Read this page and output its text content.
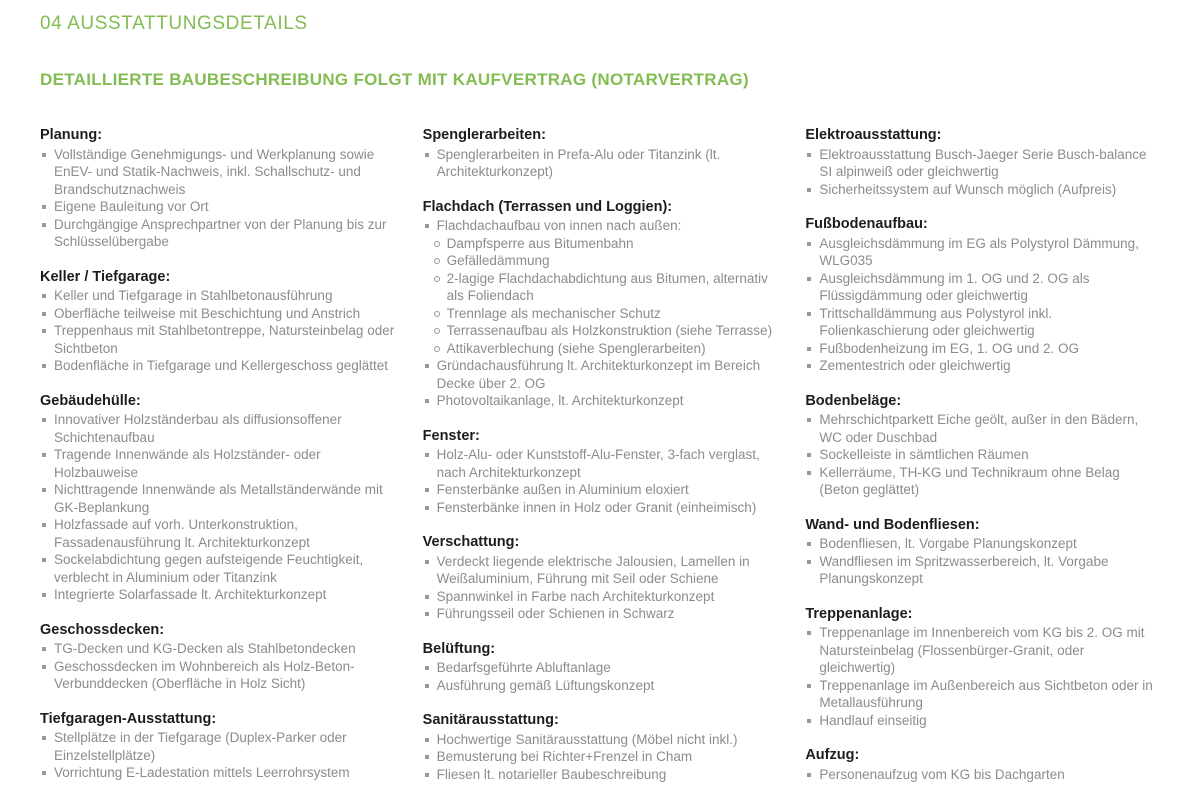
04 AUSSTATTUNGSDETAILS
DETAILLIERTE BAUBESCHREIBUNG FOLGT MIT KAUFVERTRAG (NOTARVERTRAG)
Planung:
Vollständige Genehmigungs- und Werkplanung sowie EnEV- und Statik-Nachweis, inkl. Schallschutz- und Brandschutznachweis
Eigene Bauleitung vor Ort
Durchgängige Ansprechpartner von der Planung bis zur Schlüsselübergabe
Keller / Tiefgarage:
Keller und Tiefgarage in Stahlbetonausführung
Oberfläche teilweise mit Beschichtung und Anstrich
Treppenhaus mit Stahlbetontreppe, Natursteinbelag oder Sichtbeton
Bodenfläche in Tiefgarage und Kellergeschoss geglättet
Gebäudehülle:
Innovativer Holzständerbau als diffusionsoffener Schichtenaufbau
Tragende Innenwände als Holzständer- oder Holzbauweise
Nichttragende Innenwände als Metallständerwände mit GK-Beplankung
Holzfassade auf vorh. Unterkonstruktion, Fassadenausführung lt. Architekturkonzept
Sockelabdichtung gegen aufsteigende Feuchtigkeit, verblecht in Aluminium oder Titanzink
Integrierte Solarfassade lt. Architekturkonzept
Geschossdecken:
TG-Decken und KG-Decken als Stahlbetondecken
Geschossdecken im Wohnbereich als Holz-Beton-Verbunddecken (Oberfläche in Holz Sicht)
Tiefgaragen-Ausstattung:
Stellplätze in der Tiefgarage (Duplex-Parker oder Einzelstellplätze)
Vorrichtung E-Ladestation mittels Leerrohrsystem
Spenglerarbeiten:
Spenglerarbeiten in Prefa-Alu oder Titanzink (lt. Architekturkonzept)
Flachdach (Terrassen und Loggien):
Flachdachaufbau von innen nach außen:
Dampfsperre aus Bitumenbahn
Gefälledämmung
2-lagige Flachdachabdichtung aus Bitumen, alternativ als Foliendach
Trennlage als mechanischer Schutz
Terrassenaufbau als Holzkonstruktion (siehe Terrasse)
Attikaverblechung (siehe Spenglerarbeiten)
Gründachausführung lt. Architekturkonzept im Bereich Decke über 2. OG
Photovoltaikanlage, lt. Architekturkonzept
Fenster:
Holz-Alu- oder Kunststoff-Alu-Fenster, 3-fach verglast, nach Architekturkonzept
Fensterbänke außen in Aluminium eloxiert
Fensterbänke innen in Holz oder Granit (einheimisch)
Verschattung:
Verdeckt liegende elektrische Jalousien, Lamellen in Weißaluminium, Führung mit Seil oder Schiene
Spannwinkel in Farbe nach Architekturkonzept
Führungsseil oder Schienen in Schwarz
Belüftung:
Bedarfsgeführte Abluftanlage
Ausführung gemäß Lüftungskonzept
Sanitärausstattung:
Hochwertige Sanitärausstattung (Möbel nicht inkl.)
Bemusterung bei Richter+Frenzel in Cham
Fliesen lt. notarieller Baubeschreibung
Elektroausstattung:
Elektroausstattung Busch-Jaeger Serie Busch-balance SI alpinweiß oder gleichwertig
Sicherheitssystem auf Wunsch möglich (Aufpreis)
Fußbodenaufbau:
Ausgleichsdämmung im EG als Polystyrol Dämmung, WLG035
Ausgleichsdämmung im 1. OG und 2. OG als Flüssigdämmung oder gleichwertig
Trittschalldämmung aus Polystyrol inkl. Folienkaschierung oder gleichwertig
Fußbodenheizung im EG, 1. OG und 2. OG
Zementestrich oder gleichwertig
Bodenbeläge:
Mehrschichtparkett Eiche geölt, außer in den Bädern, WC oder Duschbad
Sockelleiste in sämtlichen Räumen
Kellerräume, TH-KG und Technikraum ohne Belag (Beton geglättet)
Wand- und Bodenfliesen:
Bodenfliesen, lt. Vorgabe Planungskonzept
Wandfliesen im Spritzwasserbereich, lt. Vorgabe Planungskonzept
Treppenanlage:
Treppenanlage im Innenbereich vom KG bis 2. OG mit Natursteinbelag (Flossenbürger-Granit, oder gleichwertig)
Treppenanlage im Außenbereich aus Sichtbeton oder in Metallausführung
Handlauf einseitig
Aufzug:
Personenaufzug vom KG bis Dachgarten
